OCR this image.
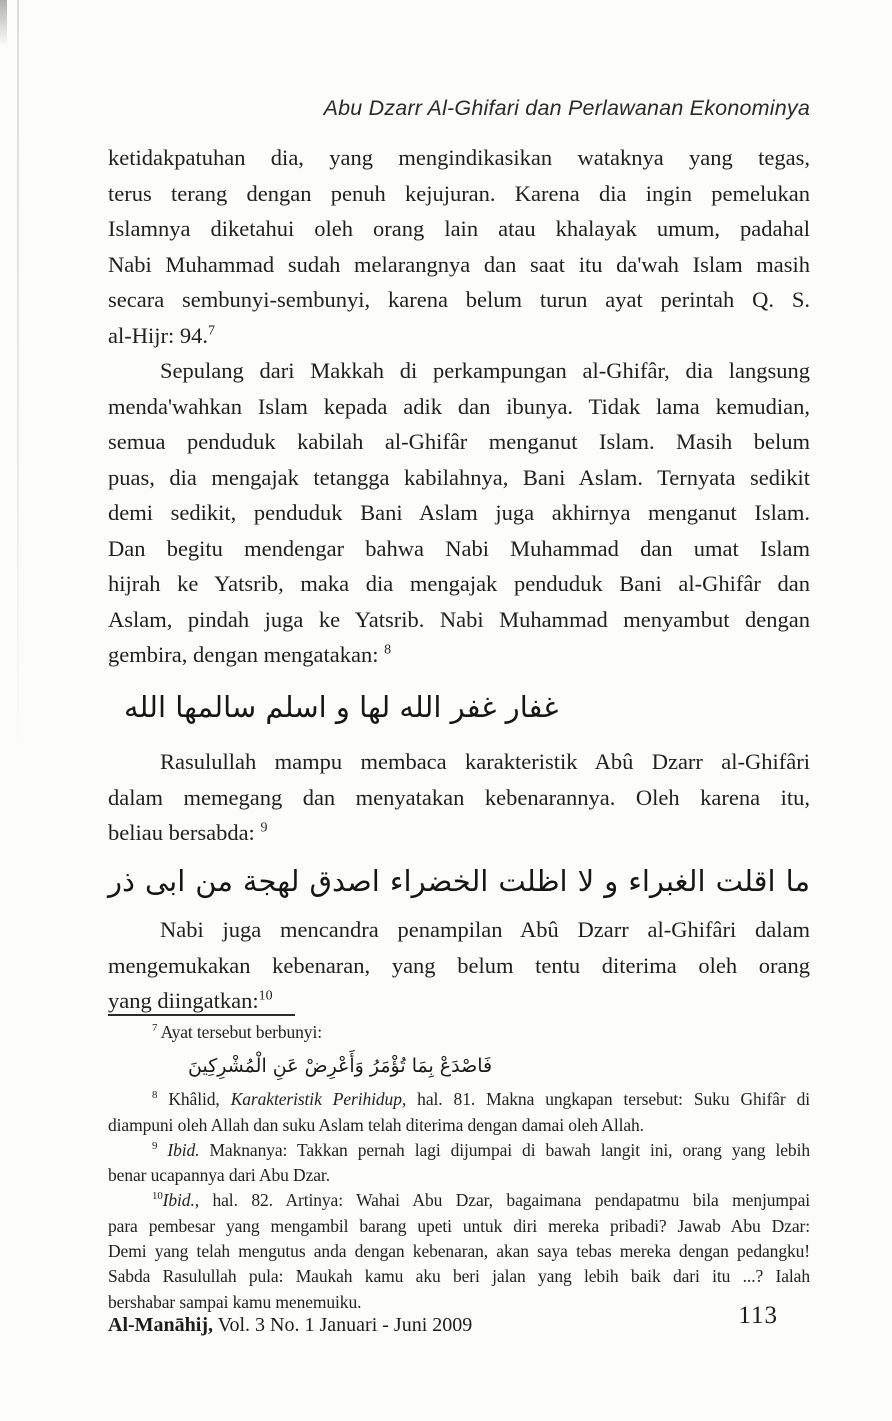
Abu Dzarr Al-Ghifari dan Perlawanan Ekonominya
ketidakpatuhan dia, yang mengindikasikan wataknya yang tegas,
terus terang dengan penuh kejujuran. Karena dia ingin pemelukan
Islamnya diketahui oleh orang lain atau khalayak umum, padahal
Nabi Muhammad sudah melarangnya dan saat itu da'wah Islam masih
secara sembunyi-sembunyi, karena belum turun ayat perintah Q. S.
al-Hijr: 94.$^7$
Sepulang dari Makkah di perkampungan al-Ghifâr, dia langsung
menda'wahkan Islam kepada adik dan ibunya. Tidak lama kemudian,
semua penduduk kabilah al-Ghifâr menganut Islam. Masih belum
puas, dia mengajak tetangga kabilahnya, Bani Aslam. Ternyata sedikit
demi sedikit, penduduk Bani Aslam juga akhirnya menganut Islam.
Dan begitu mendengar bahwa Nabi Muhammad dan umat Islam
hijrah ke Yatsrib, maka dia mengajak penduduk Bani al-Ghifâr dan
Aslam, pindah juga ke Yatsrib. Nabi Muhammad menyambut dengan
gembira, dengan mengatakan: $^8$
غفار غفر الله لها و اسلم سالمها الله
Rasulullah mampu membaca karakteristik Abû Dzarr al-Ghifâri
dalam memegang dan menyatakan kebenarannya. Oleh karena itu,
beliau bersabda: $^9$
ما اقلت الغبراء و لا اظلت الخضراء اصدق لهجة من ابى ذر
Nabi juga mencandra penampilan Abû Dzarr al-Ghifâri dalam
mengemukakan kebenaran, yang belum tentu diterima oleh orang
yang diingatkan:$^{10}$
$^7$ Ayat tersebut berbunyi:
فَاصْدَعْ بِمَا تُؤْمَرُ وَأَعْرِضْ عَنِ الْمُشْرِكِينَ
$^8$ Khâlid, Karakteristik Perihidup, hal. 81. Makna ungkapan tersebut: Suku Ghifâr di
diampuni oleh Allah dan suku Aslam telah diterima dengan damai oleh Allah.
$^9$ Ibid. Maknanya: Takkan pernah lagi dijumpai di bawah langit ini, orang yang lebih
benar ucapannya dari Abu Dzar.
$^{10}$Ibid., hal. 82. Artinya: Wahai Abu Dzar, bagaimana pendapatmu bila menjumpai
para pembesar yang mengambil barang upeti untuk diri mereka pribadi? Jawab Abu Dzar:
Demi yang telah mengutus anda dengan kebenaran, akan saya tebas mereka dengan pedangku!
Sabda Rasulullah pula: Maukah kamu aku beri jalan yang lebih baik dari itu ...? Ialah
bershabar sampai kamu menemuiku.
Al-Manāhij, Vol. 3 No. 1 Januari - Juni 2009	113
